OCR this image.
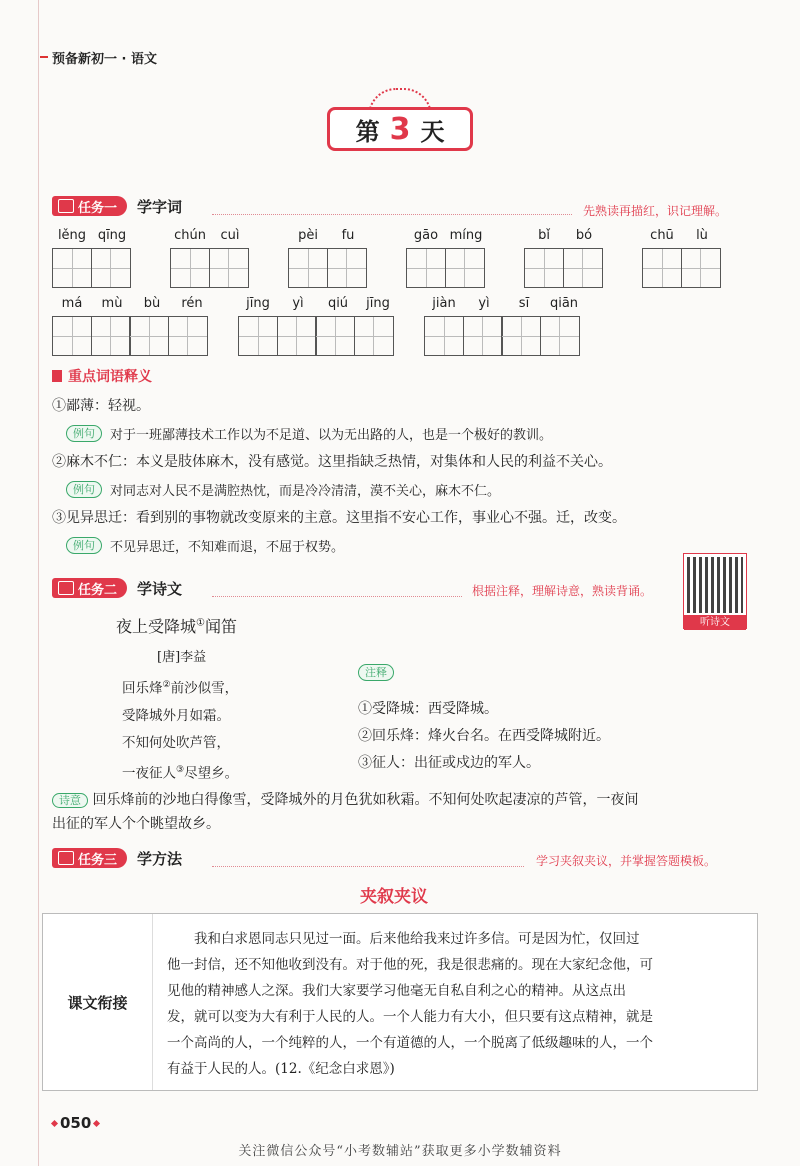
预备新初一 · 语文
第 3 天
任务一 学字词	先熟读再描红，识记理解。
lěng qīng	chún	cuì	pèi	fu	gāo míng	bǐ	bó	chū	lù
má	mù	bù	rén	jīng	yì	qiú	jīng	jiàn	yì	sī	qiān
重点词语释义
①鄙薄：轻视。
例句	对于一班鄙薄技术工作以为不足道、以为无出路的人，也是一个极好的教训。
②麻木不仁：本义是肢体麻木，没有感觉。这里指缺乏热情，对集体和人民的利益不关心。
例句	对同志对人民不是满腔热忱，而是冷冷清清，漠不关心，麻木不仁。
③见异思迁：看到别的事物就改变原来的主意。这里指不安心工作，事业心不强。迁，改变。
例句	不见异思迁，不知难而退，不屈于权势。
任务二 学诗文	根据注释，理解诗意，熟读背诵。
听诗文
夜上受降城①闻笛
[唐]李益
回乐烽②前沙似雪，
受降城外月如霜。
不知何处吹芦管，
一夜征人③尽望乡。
注释
①受降城：西受降城。
②回乐烽：烽火台名。在西受降城附近。
③征人：出征或戍边的军人。
诗意 回乐烽前的沙地白得像雪，受降城外的月色犹如秋霜。不知何处吹起凄凉的芦管，一夜间
出征的军人个个眺望故乡。
任务三 学方法	学习夹叙夹议，并掌握答题模板。
夹叙夹议
课文衔接
我和白求恩同志只见过一面。后来他给我来过许多信。可是因为忙，仅回过
他一封信，还不知他收到没有。对于他的死，我是很悲痛的。现在大家纪念他，可
见他的精神感人之深。我们大家要学习他毫无自私自利之心的精神。从这点出
发，就可以变为大有利于人民的人。一个人能力有大小，但只要有这点精神，就是
一个高尚的人，一个纯粹的人，一个有道德的人，一个脱离了低级趣味的人，一个
有益于人民的人。(12.《纪念白求恩》)
050
关注微信公众号“小考数辅站”获取更多小学数辅资料
